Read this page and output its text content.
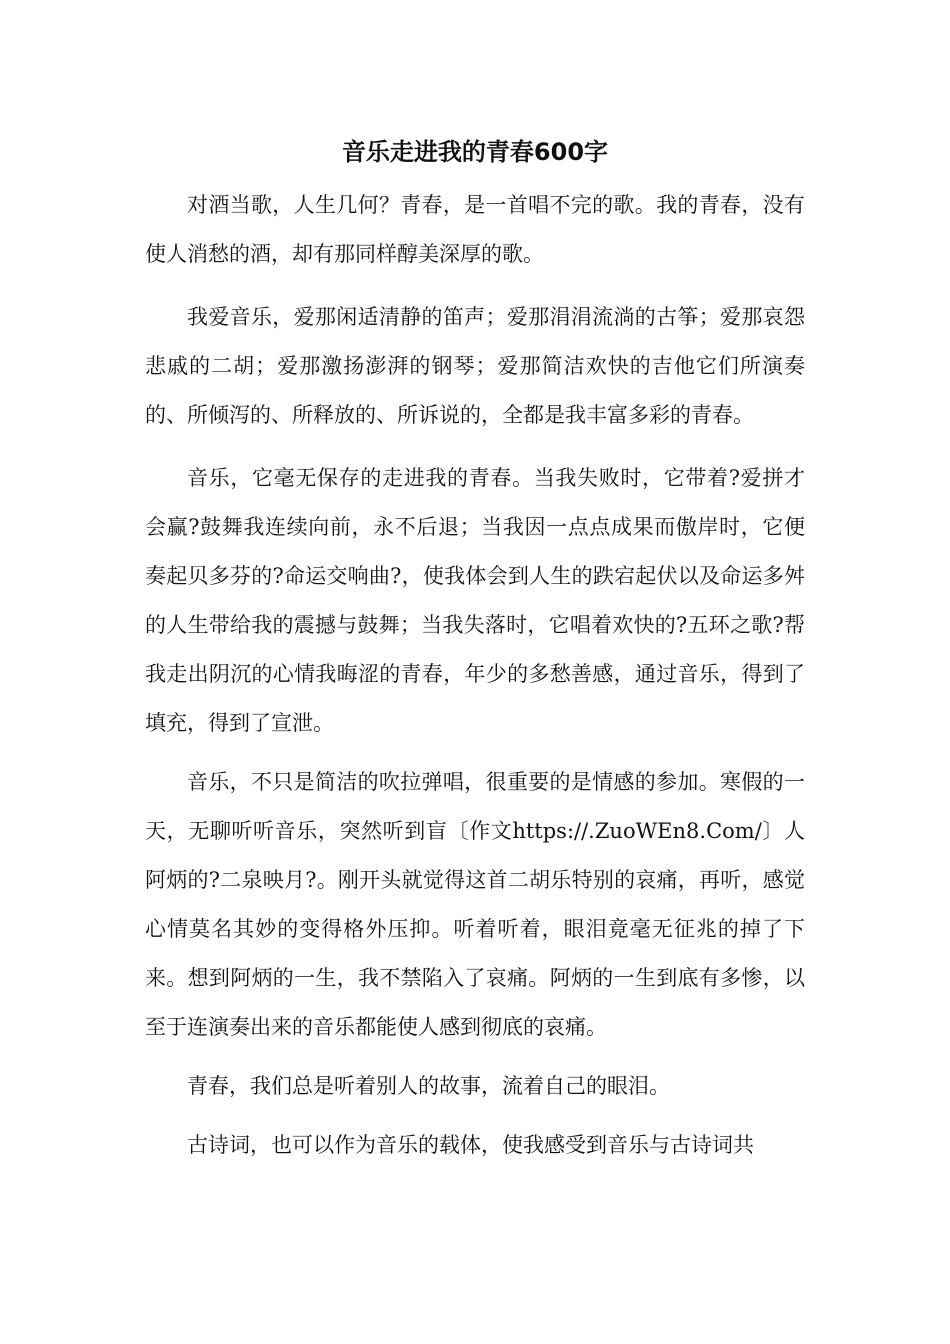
音乐走进我的青春600字

对酒当歌，人生几何？青春，是一首唱不完的歌。我的青春，没有使人消愁的酒，却有那同样醇美深厚的歌。

我爱音乐，爱那闲适清静的笛声；爱那涓涓流淌的古筝；爱那哀怨悲戚的二胡；爱那激扬澎湃的钢琴；爱那简洁欢快的吉他它们所演奏的、所倾泻的、所释放的、所诉说的，全都是我丰富多彩的青春。

音乐，它毫无保存的走进我的青春。当我失败时，它带着?爱拼才会赢?鼓舞我连续向前，永不后退；当我因一点点成果而傲岸时，它便奏起贝多芬的?命运交响曲?，使我体会到人生的跌宕起伏以及命运多舛的人生带给我的震撼与鼓舞；当我失落时，它唱着欢快的?五环之歌?帮我走出阴沉的心情我晦涩的青春，年少的多愁善感，通过音乐，得到了填充，得到了宣泄。

音乐，不只是简洁的吹拉弹唱，很重要的是情感的参加。寒假的一天，无聊听听音乐，突然听到盲〔作文https://.ZuoWEn8.Com/〕人阿炳的?二泉映月?。刚开头就觉得这首二胡乐特别的哀痛，再听，感觉心情莫名其妙的变得格外压抑。听着听着，眼泪竟毫无征兆的掉了下来。想到阿炳的一生，我不禁陷入了哀痛。阿炳的一生到底有多惨，以至于连演奏出来的音乐都能使人感到彻底的哀痛。

青春，我们总是听着别人的故事，流着自己的眼泪。

古诗词，也可以作为音乐的载体，使我感受到音乐与古诗词共
